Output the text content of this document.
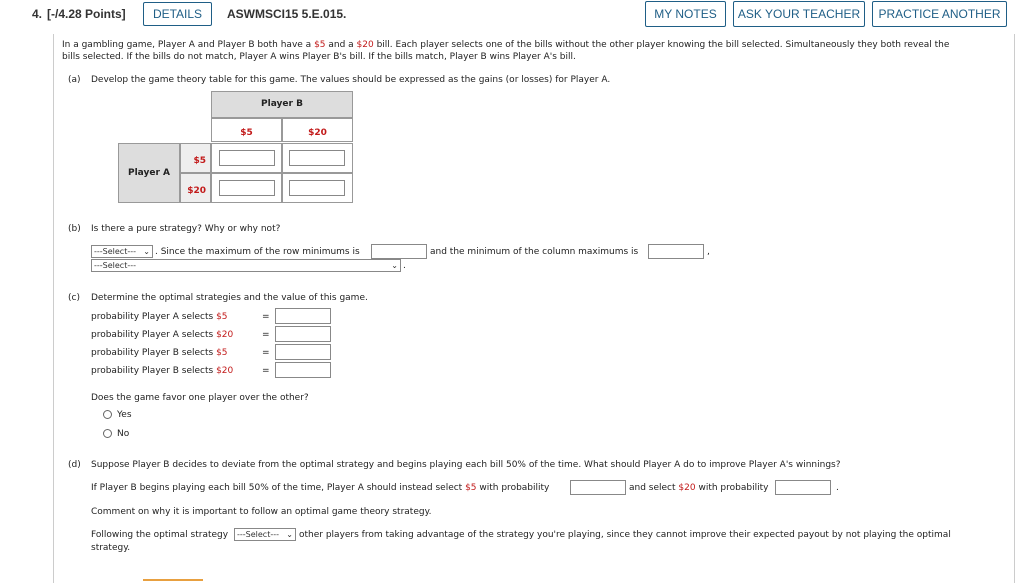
4. [-/4.28 Points]	DETAILS	ASWMSCI15 5.E.015.	MY NOTES	ASK YOUR TEACHER	PRACTICE ANOTHER
In a gambling game, Player A and Player B both have a $5 and a $20 bill. Each player selects one of the bills without the other player knowing the bill selected. Simultaneously they both reveal the
bills selected. If the bills do not match, Player A wins Player B's bill. If the bills match, Player B wins Player A's bill.
(a) Develop the game theory table for this game. The values should be expressed as the gains (or losses) for Player A.
Player B
$5	$20
Player A
$5
$20
(b) Is there a pure strategy? Why or why not?
---Select--- ⌄ . Since the maximum of the row minimums is	and the minimum of the column maximums is	,
---Select---	⌄ .
(c) Determine the optimal strategies and the value of this game.
probability Player A selects $5	=
probability Player A selects $20	=
probability Player B selects $5	=
probability Player B selects $20	=
Does the game favor one player over the other?
Yes
No
(d) Suppose Player B decides to deviate from the optimal strategy and begins playing each bill 50% of the time. What should Player A do to improve Player A's winnings?
If Player B begins playing each bill 50% of the time, Player A should instead select $5 with probability	and select $20 with probability	.
Comment on why it is important to follow an optimal game theory strategy.
Following the optimal strategy	---Select--- ⌄ other players from taking advantage of the strategy you're playing, since they cannot improve their expected payout by not playing the optimal
strategy.
